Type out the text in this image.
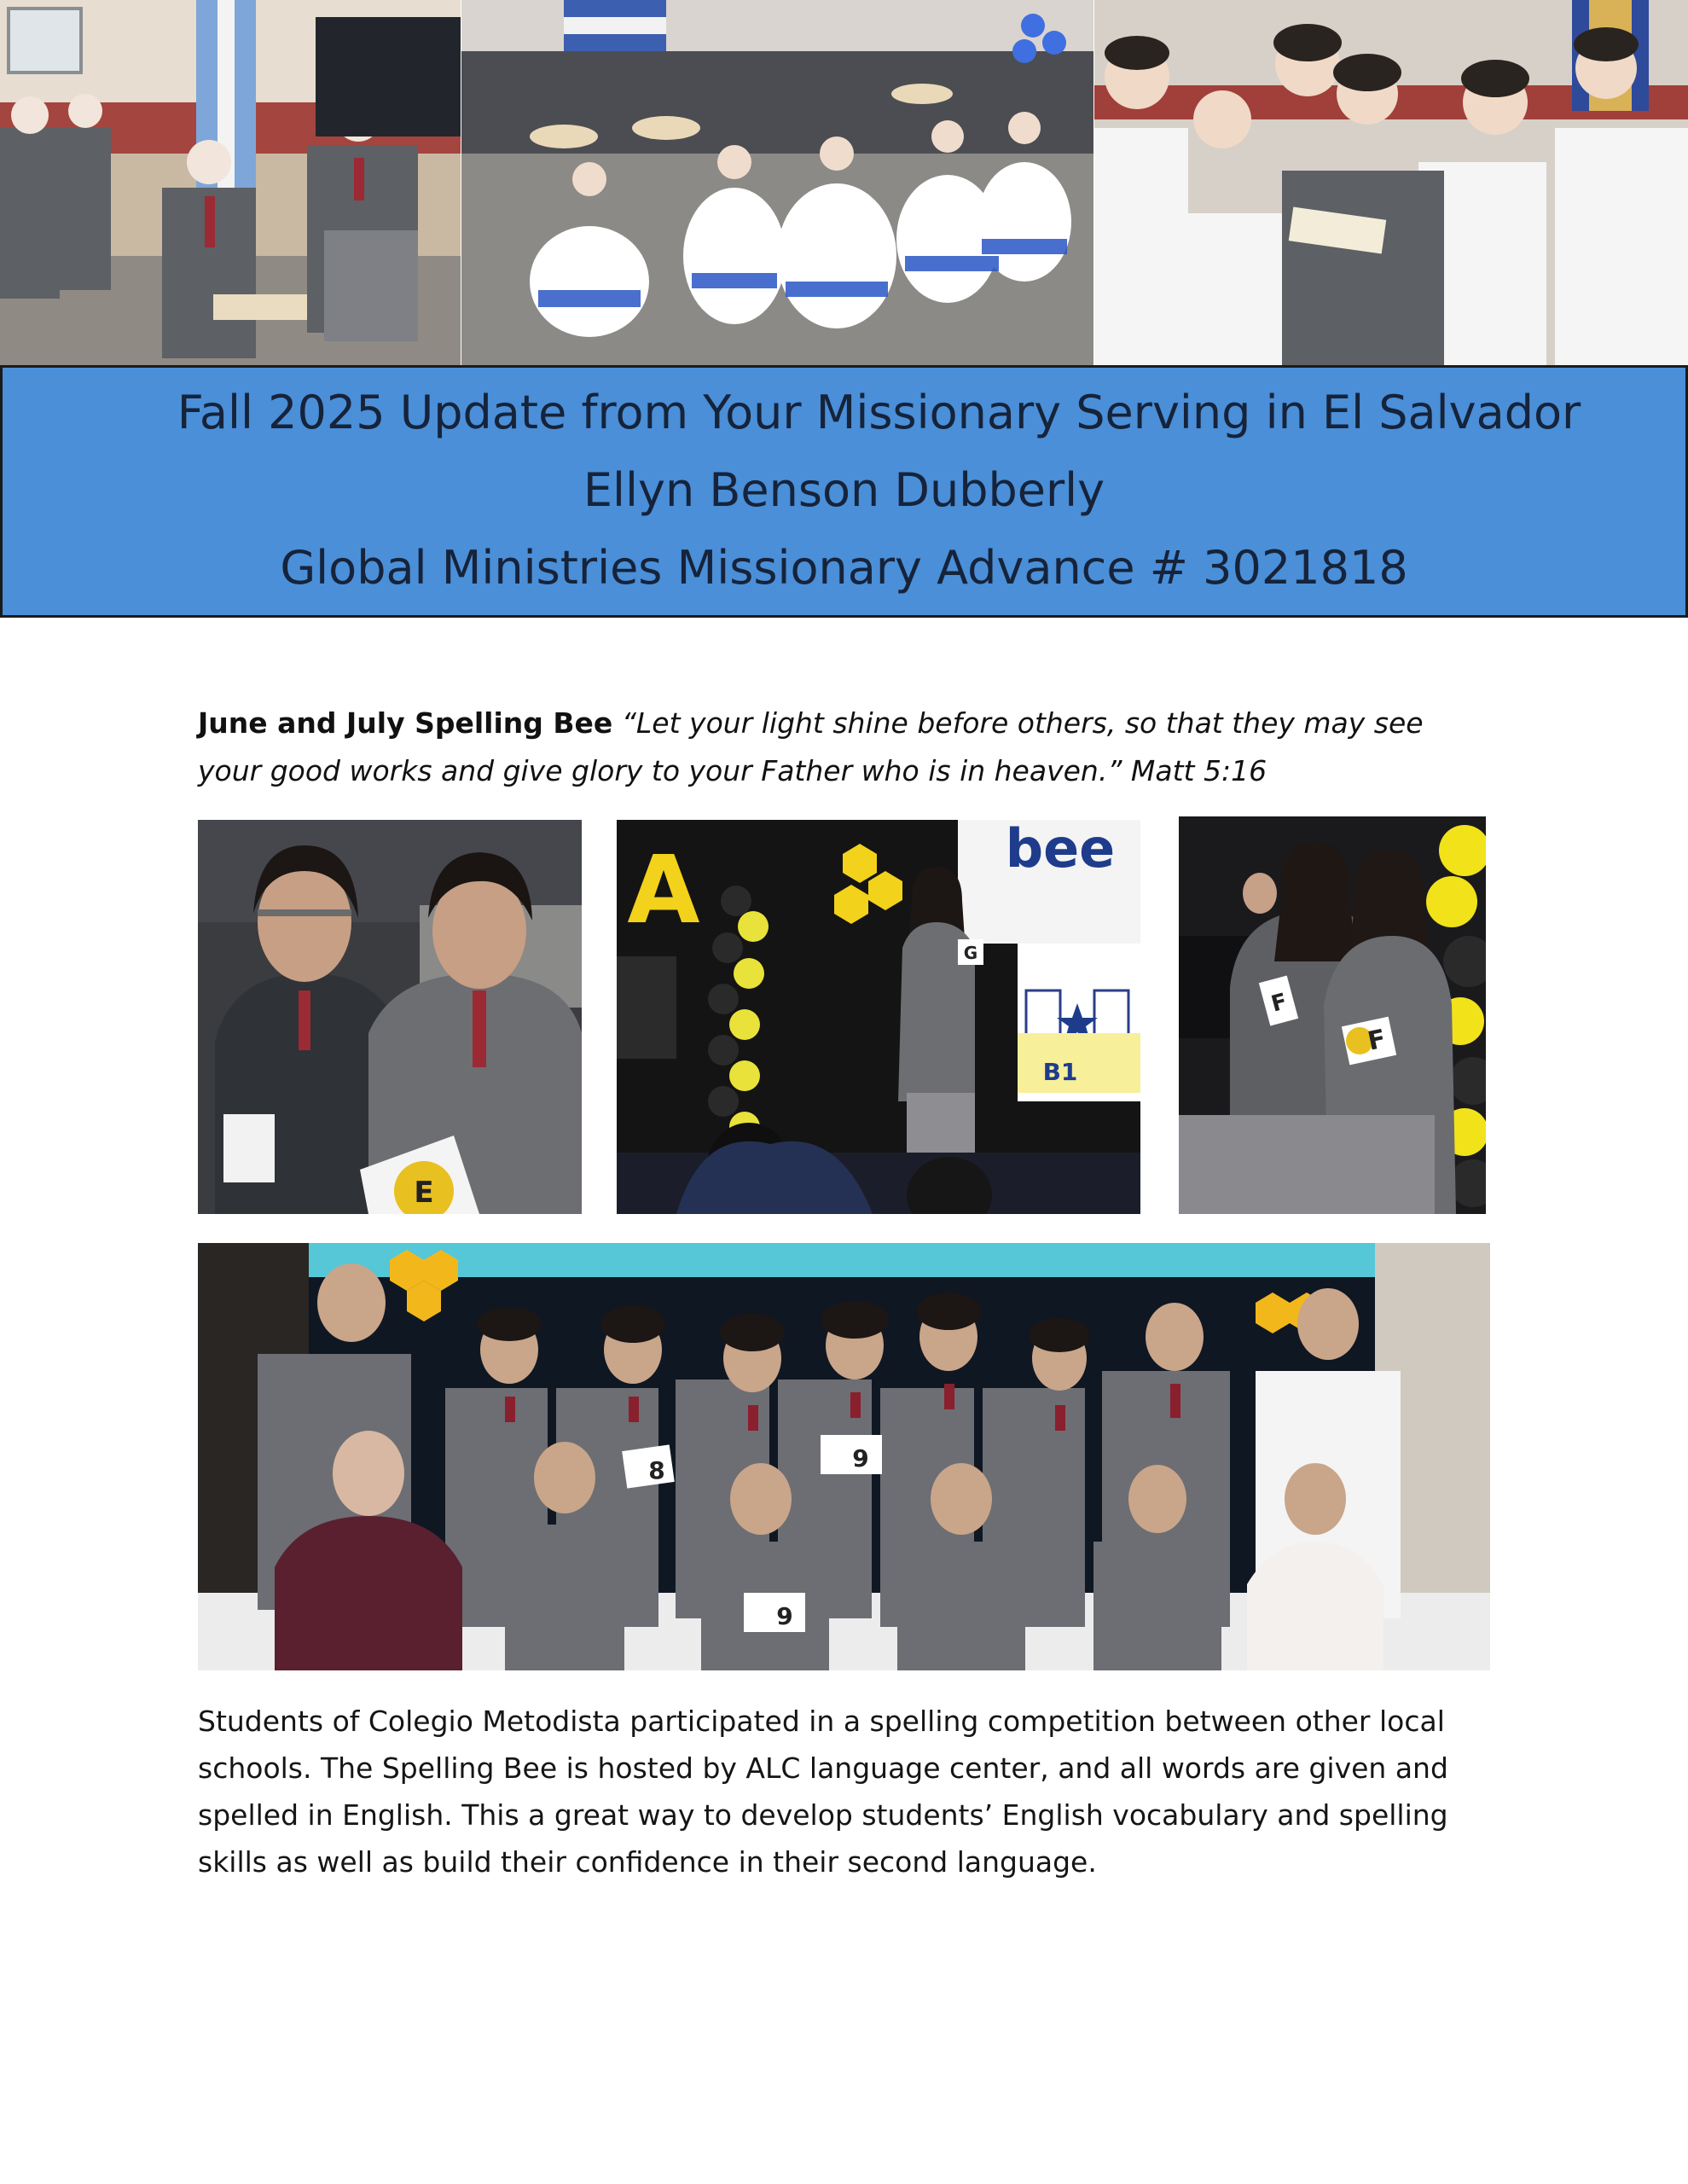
Fall 2025 Update from Your Missionary Serving in El Salvador
Ellyn Benson Dubberly
Global Ministries Missionary Advance # 3021818
June and July Spelling Bee “Let your light shine before others, so that they may see your good works and give glory to your Father who is in heaven.” Matt 5:16
E
bee
B1
A
G
F
F
8	9
9
Students of Colegio Metodista participated in a spelling competition between other local
schools. The Spelling Bee is hosted by ALC language center, and all words are given and
spelled in English. This a great way to develop students’ English vocabulary and spelling
skills as well as build their confidence in their second language.
